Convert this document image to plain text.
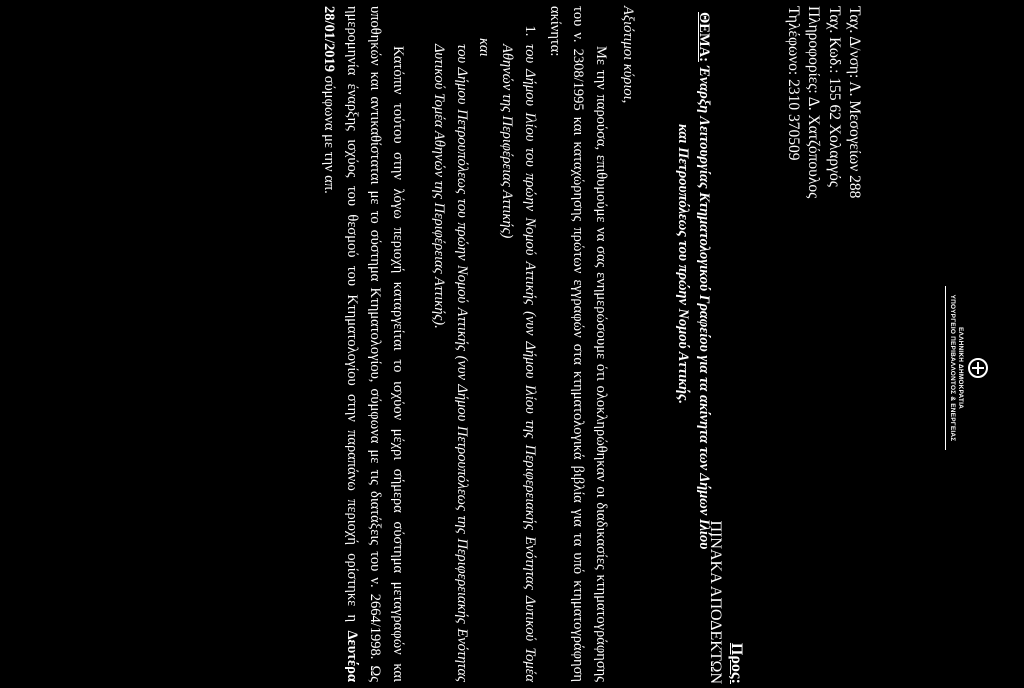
ΕΛΛΗΝΙΚΗ ΔΗΜΟΚΡΑΤΙΑ
ΥΠΟΥΡΓΕΙΟ ΠΕΡΙΒΑΛΛΟΝΤΟΣ & ΕΝΕΡΓΕΙΑΣ
Ταχ. Δ/νση: Λ. Μεσογείων 288
Ταχ. Κωδ.: 155 62 Χολαργός
Πληροφορίες: Δ. Χατζόπουλος
Τηλέφωνο: 2310 370509
Προς:
ΠΙΝΑΚΑ ΑΠΟΔΕΚΤΩΝ
ΘΕΜΑ: Έναρξη Λειτουργίας Κτηματολογικού Γραφείου για τα ακίνητα των Δήμων Ιλίου
και Πετρουπόλεως του πρώην Νομού Αττικής.
Αξιότιμοι κύριοι,

Με την παρούσα, επιθυμούμε να σας ενημερώσουμε ότι ολοκληρώθηκαν οι διαδικασίες κτηματογράφησης του ν. 2308/1995 και καταχώρησης πρώτων εγγραφών στα κτηματολογικά βιβλία για τα υπό κτηματογράφηση ακίνητα:

1. του Δήμου Ιλίου του πρώην Νομού Αττικής (νυν Δήμου Ιλίου της Περιφερειακής Ενότητας Δυτικού Τομέα Αθηνών της Περιφέρειας Αττικής)

και

του Δήμου Πετρουπόλεως του πρώην Νομού Αττικής (νυν Δήμου Πετρουπόλεως της Περιφερειακής Ενότητας Δυτικού Τομέα Αθηνών της Περιφέρειας Αττικής).

Κατόπιν τούτου στην λόγω περιοχή καταργείται το ισχύον μέχρι σήμερα σύστημα μεταγραφών και υποθηκών και αντικαθίσταται με το σύστημα Κτηματολογίου, σύμφωνα με τις διατάξεις του ν. 2664/1998. Ως ημερομηνία έναρξης ισχύος του θεσμού του Κτηματολογίου στην παραπάνω περιοχή ορίστηκε η Δευτέρα 28/01/2019 σύμφωνα με την απ.
